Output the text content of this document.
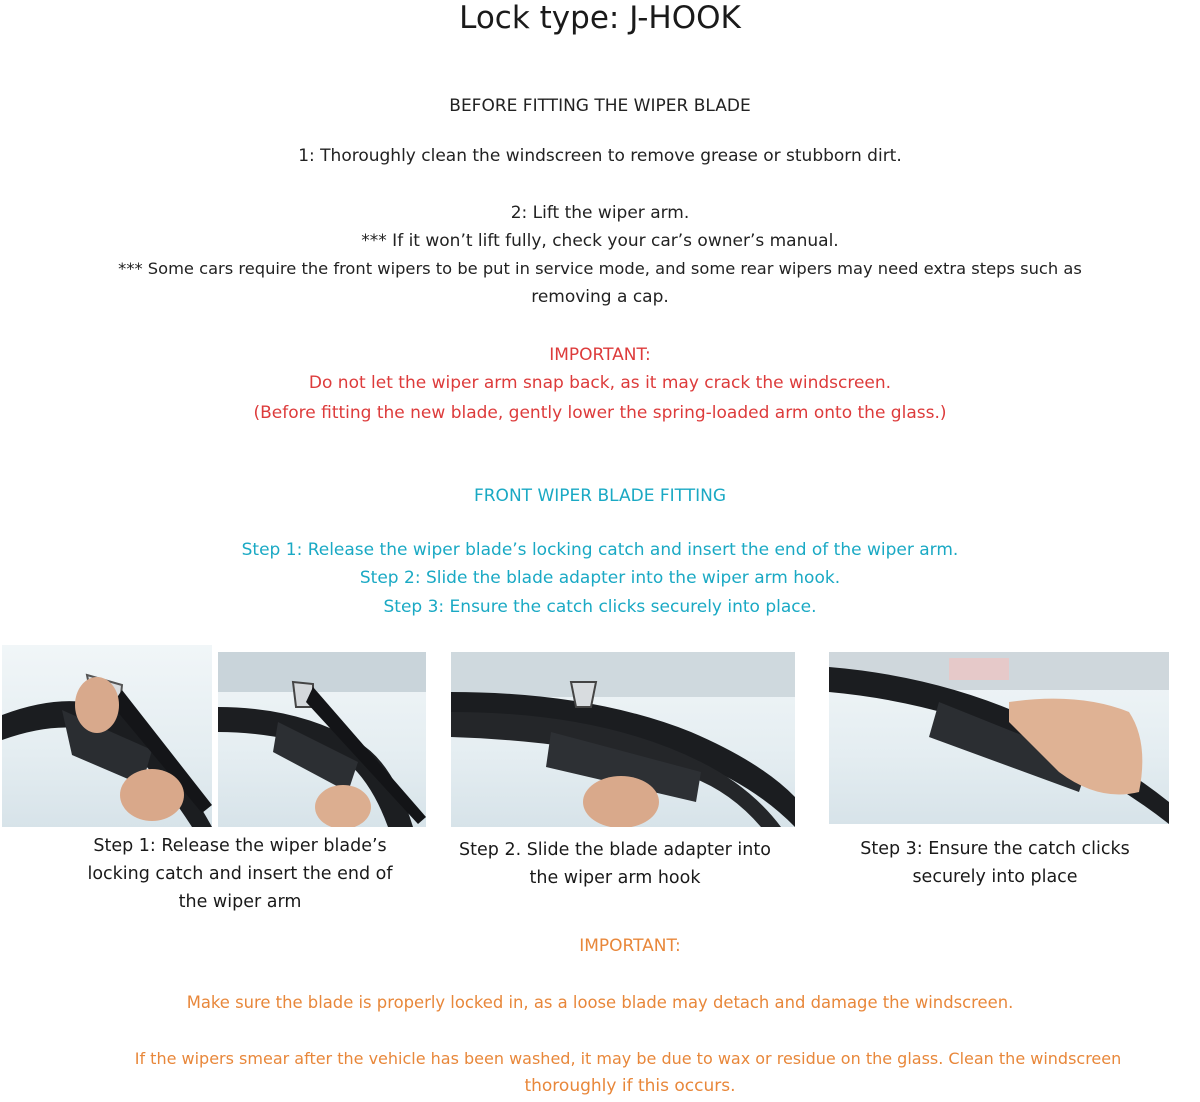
Lock type: J-HOOK
BEFORE FITTING THE WIPER BLADE
1: Thoroughly clean the windscreen to remove grease or stubborn dirt.
2: Lift the wiper arm.
*** If it won’t lift fully, check your car’s owner’s manual.
*** Some cars require the front wipers to be put in service mode, and some rear wipers may need extra steps such as
removing a cap.
IMPORTANT:
Do not let the wiper arm snap back, as it may crack the windscreen.
(Before fitting the new blade, gently lower the spring-loaded arm onto the glass.)
FRONT WIPER BLADE FITTING
Step 1: Release the wiper blade’s locking catch and insert the end of the wiper arm.
Step 2: Slide the blade adapter into the wiper arm hook.
Step 3: Ensure the catch clicks securely into place.
Step 1: Release the wiper blade’s
locking catch and insert the end of
the wiper arm
Step 2. Slide the blade adapter into
the wiper arm hook
Step 3: Ensure the catch clicks
securely into place
IMPORTANT:
Make sure the blade is properly locked in, as a loose blade may detach and damage the windscreen.
If the wipers smear after the vehicle has been washed, it may be due to wax or residue on the glass. Clean the windscreen
thoroughly if this occurs.
